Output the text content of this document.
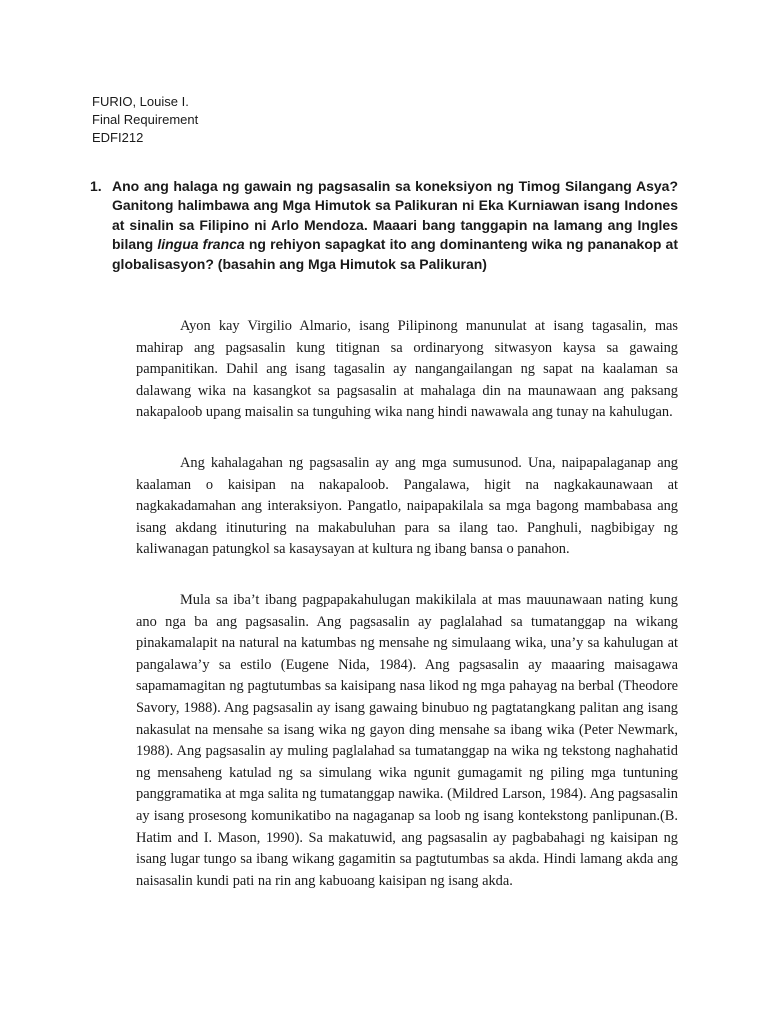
FURIO, Louise I.
Final Requirement
EDFI212
1. Ano ang halaga ng gawain ng pagsasalin sa koneksiyon ng Timog Silangang Asya? Ganitong halimbawa ang Mga Himutok sa Palikuran ni Eka Kurniawan isang Indones at sinalin sa Filipino ni Arlo Mendoza. Maaari bang tanggapin na lamang ang Ingles bilang lingua franca ng rehiyon sapagkat ito ang dominanteng wika ng pananakop at globalisasyon? (basahin ang Mga Himutok sa Palikuran)

Ayon kay Virgilio Almario, isang Pilipinong manunulat at isang tagasalin, mas mahirap ang pagsasalin kung titignan sa ordinaryong sitwasyon kaysa sa gawaing pampanitikan. Dahil ang isang tagasalin ay nangangailangan ng sapat na kaalaman sa dalawang wika na kasangkot sa pagsasalin at mahalaga din na maunawaan ang paksang nakapaloob upang maisalin sa tunguhing wika nang hindi nawawala ang tunay na kahulugan.

Ang kahalagahan ng pagsasalin ay ang mga sumusunod. Una, naipapalaganap ang kaalaman o kaisipan na nakapaloob. Pangalawa, higit na nagkakaunawaan at nagkakadamahan ang interaksiyon. Pangatlo, naipapakilala sa mga bagong mambabasa ang isang akdang itinuturing na makabuluhan para sa ilang tao. Panghuli, nagbibigay ng kaliwanagan patungkol sa kasaysayan at kultura ng ibang bansa o panahon.

Mula sa iba’t ibang pagpapakahulugan makikilala at mas mauunawaan nating kung ano nga ba ang pagsasalin. Ang pagsasalin ay paglalahad sa tumatanggap na wikang pinakamalapit na natural na katumbas ng mensahe ng simulaang wika, una’y sa kahulugan at pangalawa’y sa estilo (Eugene Nida, 1984). Ang pagsasalin ay maaaring maisagawa sapamamagitan ng pagtutumbas sa kaisipang nasa likod ng mga pahayag na berbal (Theodore Savory, 1988). Ang pagsasalin ay isang gawaing binubuo ng pagtatangkang palitan ang isang nakasulat na mensahe sa isang wika ng gayon ding mensahe sa ibang wika (Peter Newmark, 1988). Ang pagsasalin ay muling paglalahad sa tumatanggap na wika ng tekstong naghahatid ng mensaheng katulad ng sa simulang wika ngunit gumagamit ng piling mga tuntuning panggramatika at mga salita ng tumatanggap nawika. (Mildred Larson, 1984). Ang pagsasalin ay isang prosesong komunikatibo na nagaganap sa loob ng isang kontekstong panlipunan.(B. Hatim and I. Mason, 1990). Sa makatuwid, ang pagsasalin ay pagbabahagi ng kaisipan ng isang lugar tungo sa ibang wikang gagamitin sa pagtutumbas sa akda. Hindi lamang akda ang naisasalin kundi pati na rin ang kabuoang kaisipan ng isang akda.
